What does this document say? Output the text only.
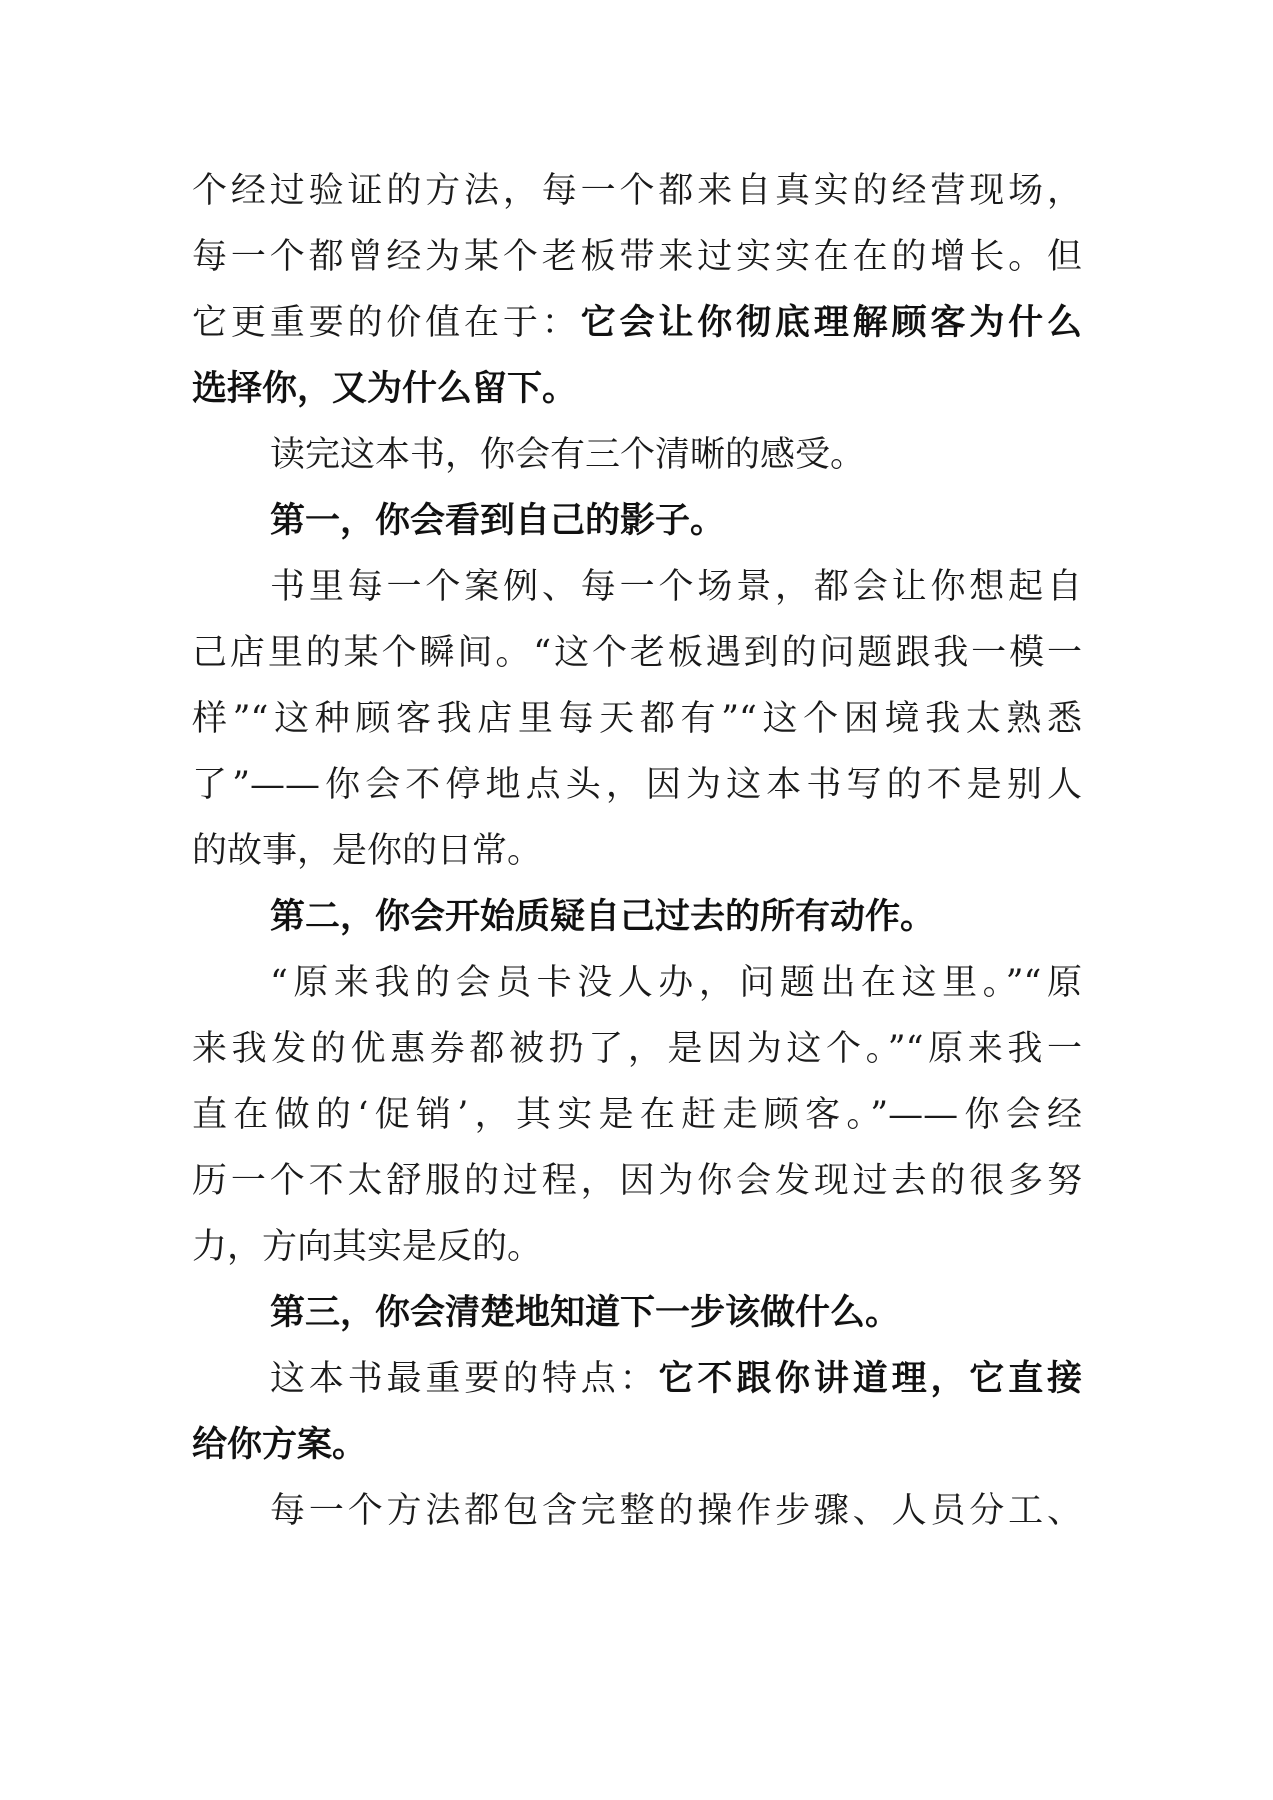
个经过验证的方法，每一个都来自真实的经营现场，
每一个都曾经为某个老板带来过实实在在的增长。但
它更重要的价值在于：它会让你彻底理解顾客为什么
选择你，又为什么留下。
读完这本书，你会有三个清晰的感受。
第一，你会看到自己的影子。
书里每一个案例、每一个场景，都会让你想起自
己店里的某个瞬间。“这个老板遇到的问题跟我一模一
样”“这种顾客我店里每天都有”“这个困境我太熟悉
了”——你会不停地点头，因为这本书写的不是别人
的故事，是你的日常。
第二，你会开始质疑自己过去的所有动作。
“原来我的会员卡没人办，问题出在这里。”“原
来我发的优惠券都被扔了，是因为这个。”“原来我一
直在做的‘促销’，其实是在赶走顾客。”——你会经
历一个不太舒服的过程，因为你会发现过去的很多努
力，方向其实是反的。
第三，你会清楚地知道下一步该做什么。
这本书最重要的特点：它不跟你讲道理，它直接
给你方案。
每一个方法都包含完整的操作步骤、人员分工、
